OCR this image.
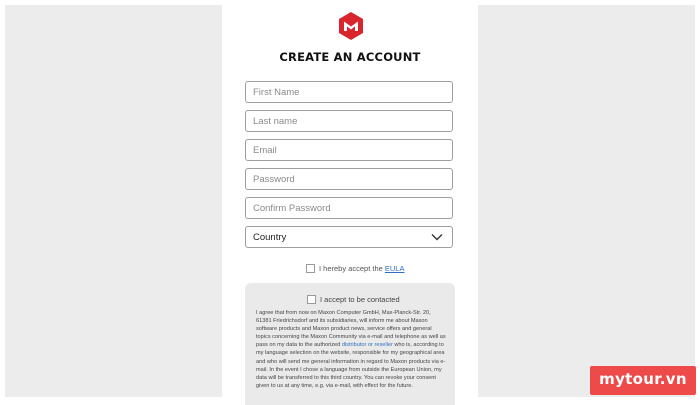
CREATE AN ACCOUNT
First Name
Last name
Email
Country
I hereby accept the EULA
I accept to be contacted
I agree that from now on Maxon Computer GmbH, Max-Planck-Str. 20, 61381 Friedrichsdorf and its subsidiaries, will inform me about Maxon software products and Maxon product news, service offers and general topics concerning the Maxon Community via e-mail and telephone as well as pass on my data to the authorized distributor or reseller who is, according to my language selection on the website, responsible for my geographical area and who will send me general information in regard to Maxon products via e-mail. In the event I chose a language from outside the European Union, my data will be transferred to this third country. You can revoke your consent given to us at any time, e.g. via e-mail, with effect for the future.	mytour.vn
